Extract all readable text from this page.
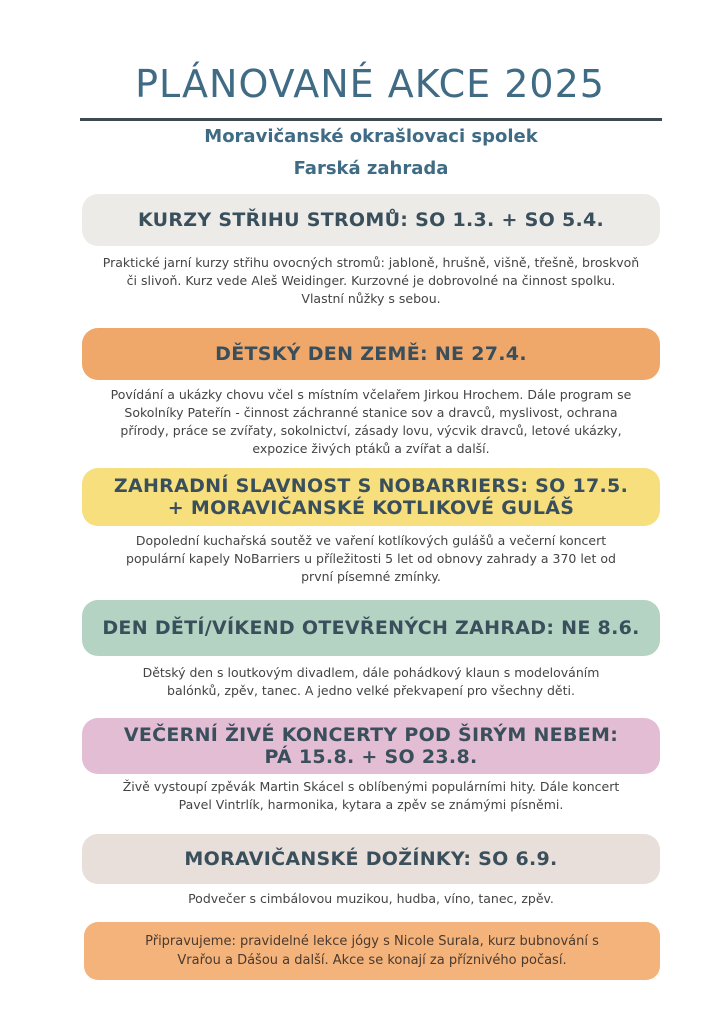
PLÁNOVANÉ AKCE 2025
Moravičanské okrašlovaci spolek
Farská zahrada
KURZY STŘIHU STROMŮ: SO 1.3. + SO 5.4.
Praktické jarní kurzy střihu ovocných stromů: jabloně, hrušně, višně, třešně, broskvoň
či slivoň. Kurz vede Aleš Weidinger. Kurzovné je dobrovolné na činnost spolku.
Vlastní nůžky s sebou.
DĚTSKÝ DEN ZEMĚ: NE 27.4.
Povídání a ukázky chovu včel s místním včelařem Jirkou Hrochem. Dále program se
Sokolníky Pateřín - činnost záchranné stanice sov a dravců, myslivost, ochrana
přírody, práce se zvířaty, sokolnictví, zásady lovu, výcvik dravců, letové ukázky,
expozice živých ptáků a zvířat a další.
ZAHRADNÍ SLAVNOST S NOBARRIERS: SO 17.5.
+ MORAVIČANSKÉ KOTLIKOVÉ GULÁŠ
Dopolední kuchařská soutěž ve vaření kotlíkových gulášů a večerní koncert
populární kapely NoBarriers u příležitosti 5 let od obnovy zahrady a 370 let od
první písemné zmínky.
DEN DĚTÍ/VÍKEND OTEVŘENÝCH ZAHRAD: NE 8.6.
Dětský den s loutkovým divadlem, dále pohádkový klaun s modelováním
balónků, zpěv, tanec. A jedno velké překvapení pro všechny děti.
VEČERNÍ ŽIVÉ KONCERTY POD ŠIRÝM NEBEM:
PÁ 15.8. + SO 23.8.
Živě vystoupí zpěvák Martin Skácel s oblíbenými populárními hity. Dále koncert
Pavel Vintrlík, harmonika, kytara a zpěv se známými písněmi.
MORAVIČANSKÉ DOŽÍNKY: SO 6.9.
Podvečer s cimbálovou muzikou, hudba, víno, tanec, zpěv.
Připravujeme: pravidelné lekce jógy s Nicole Surala, kurz bubnování s
Vrařou a Dášou a další. Akce se konají za příznivého počasí.
